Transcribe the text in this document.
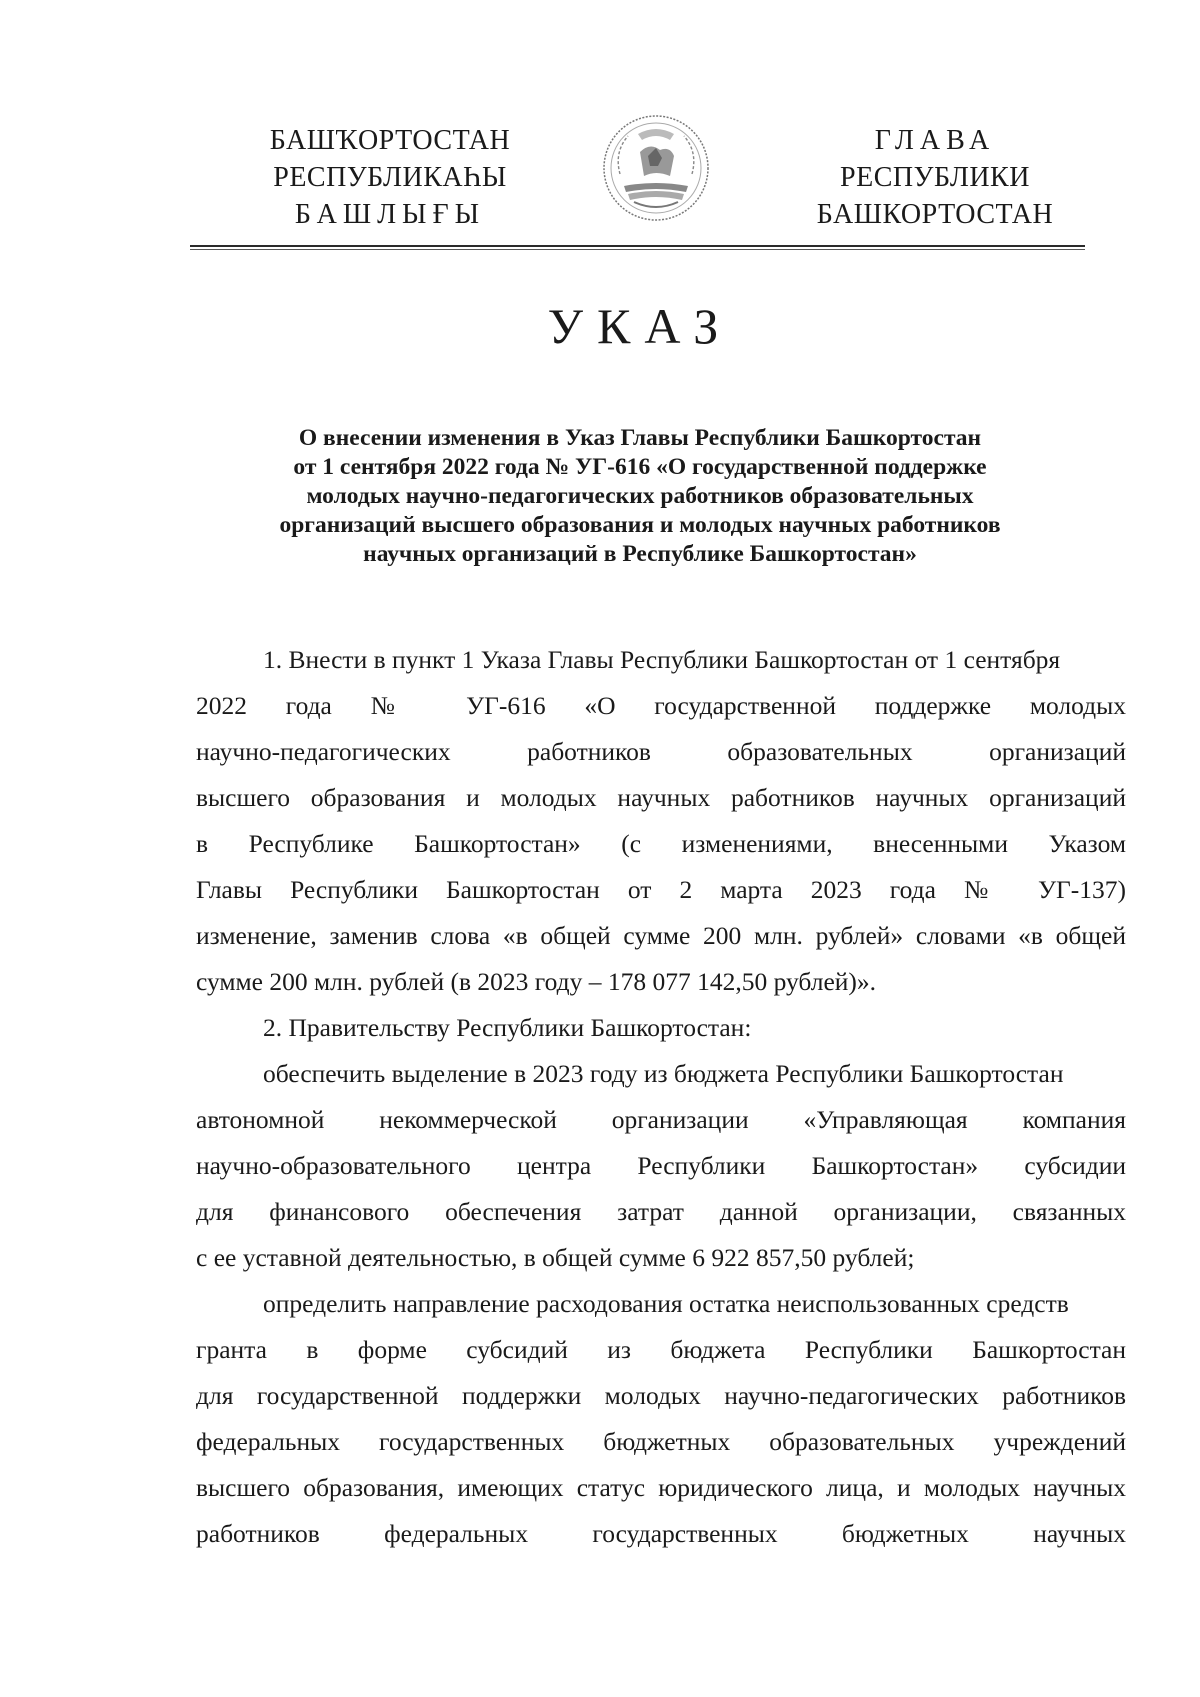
БАШҠОРТОСТАН
РЕСПУБЛИКАҺЫ
БАШЛЫҒЫ
ГЛАВА
РЕСПУБЛИКИ
БАШКОРТОСТАН
УКАЗ
О внесении изменения в Указ Главы Республики Башкортостан
от 1 сентября 2022 года № УГ-616 «О государственной поддержке
молодых научно-педагогических работников образовательных
организаций высшего образования и молодых научных работников
научных организаций в Республике Башкортостан»
1. Внести в пункт 1 Указа Главы Республики Башкортостан от 1 сентября
2022 года № УГ-616 «О государственной поддержке молодых
научно-педагогических работников образовательных организаций
высшего образования и молодых научных работников научных организаций
в Республике Башкортостан» (с изменениями, внесенными Указом
Главы Республики Башкортостан от 2 марта 2023 года № УГ-137)
изменение, заменив слова «в общей сумме 200 млн. рублей» словами «в общей
сумме 200 млн. рублей (в 2023 году – 178 077 142,50 рублей)».
2. Правительству Республики Башкортостан:
обеспечить выделение в 2023 году из бюджета Республики Башкортостан
автономной некоммерческой организации «Управляющая компания
научно-образовательного центра Республики Башкортостан» субсидии
для финансового обеспечения затрат данной организации, связанных
с ее уставной деятельностью, в общей сумме 6 922 857,50 рублей;
определить направление расходования остатка неиспользованных средств
гранта в форме субсидий из бюджета Республики Башкортостан
для государственной поддержки молодых научно-педагогических работников
федеральных государственных бюджетных образовательных учреждений
высшего образования, имеющих статус юридического лица, и молодых научных
работников федеральных государственных бюджетных научных
